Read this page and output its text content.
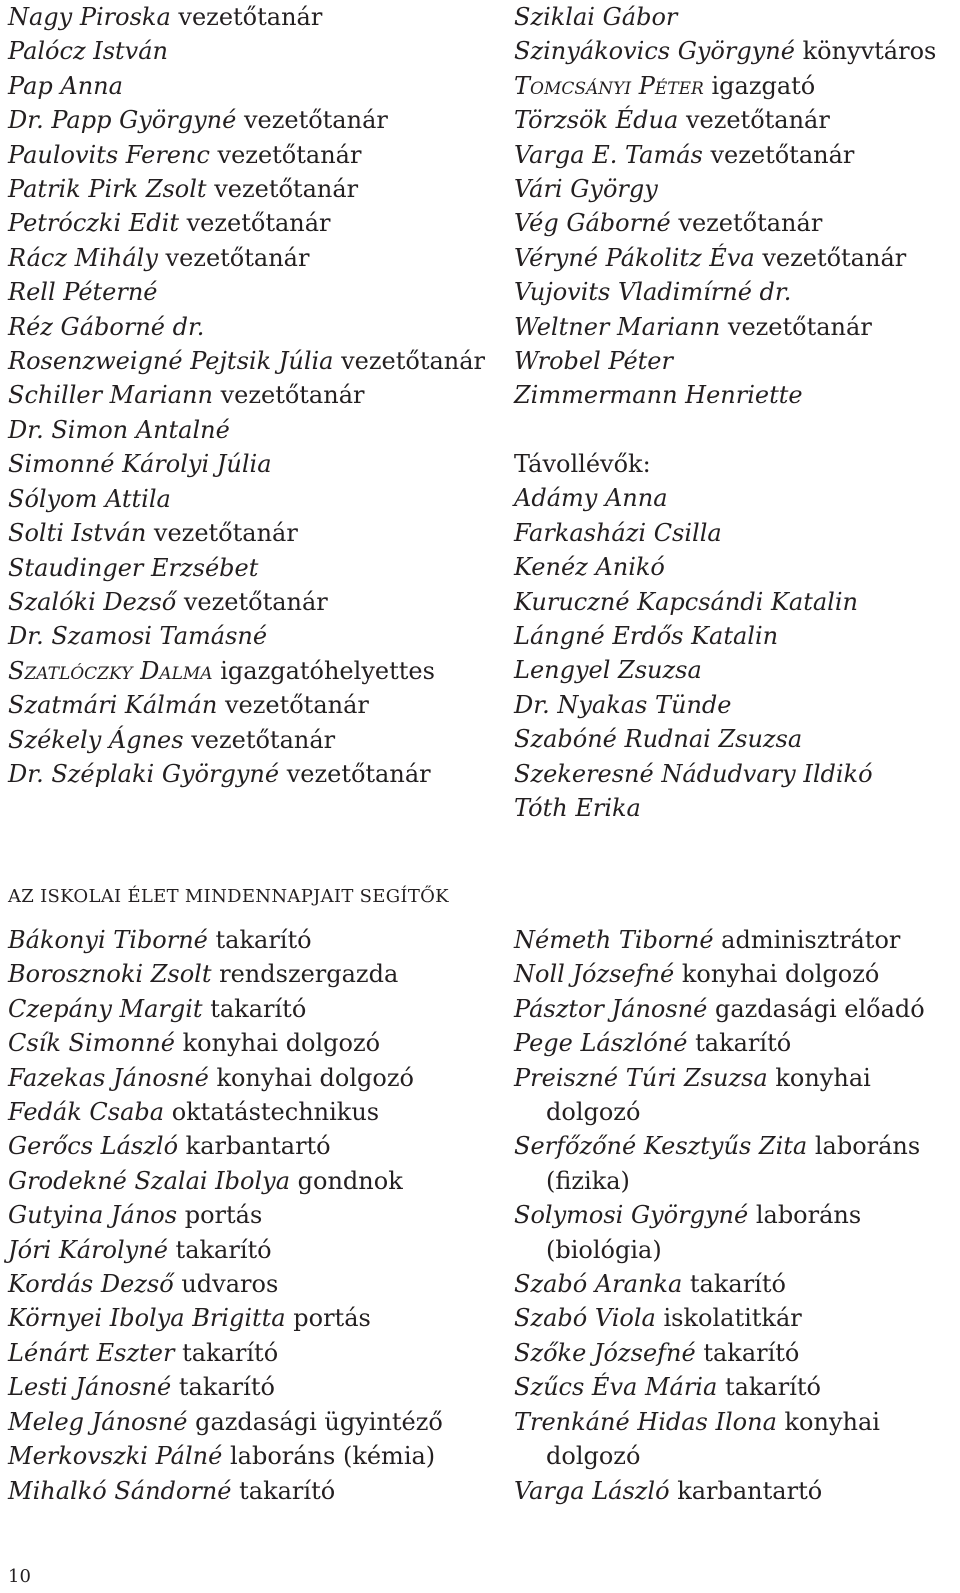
Nagy Piroska vezetőtanár
Palócz István
Pap Anna
Dr. Papp Györgyné vezetőtanár
Paulovits Ferenc vezetőtanár
Patrik Pirk Zsolt vezetőtanár
Petróczki Edit vezetőtanár
Rácz Mihály vezetőtanár
Rell Péterné
Réz Gáborné dr.
Rosenzweigné Pejtsik Júlia vezetőtanár
Schiller Mariann vezetőtanár
Dr. Simon Antalné
Simonné Károlyi Júlia
Sólyom Attila
Solti István vezetőtanár
Staudinger Erzsébet
Szalóki Dezső vezetőtanár
Dr. Szamosi Tamásné
Szatlóczky Dalma igazgatóhelyettes
Szatmári Kálmán vezetőtanár
Székely Ágnes vezetőtanár
Dr. Széplaki Györgyné vezetőtanár
Sziklai Gábor
Szinyákovics Györgyné könyvtáros
Tomcsányi Péter igazgató
Törzsök Édua vezetőtanár
Varga E. Tamás vezetőtanár
Vári György
Vég Gáborné vezetőtanár
Véryné Pákolitz Éva vezetőtanár
Vujovits Vladimírné dr.
Weltner Mariann vezetőtanár
Wrobel Péter
Zimmermann Henriette
Távollévők:
Adámy Anna
Farkasházi Csilla
Kenéz Anikó
Kuruczné Kapcsándi Katalin
Lángné Erdős Katalin
Lengyel Zsuzsa
Dr. Nyakas Tünde
Szabóné Rudnai Zsuzsa
Szekeresné Nádudvary Ildikó
Tóth Erika
AZ ISKOLAI ÉLET MINDENNAPJAIT SEGÍTŐK
Bákonyi Tiborné takarító
Borosznoki Zsolt rendszergazda
Czepány Margit takarító
Csík Simonné konyhai dolgozó
Fazekas Jánosné konyhai dolgozó
Fedák Csaba oktatástechnikus
Gerőcs László karbantartó
Grodekné Szalai Ibolya gondnok
Gutyina János portás
Jóri Károlyné takarító
Kordás Dezső udvaros
Környei Ibolya Brigitta portás
Lénárt Eszter takarító
Lesti Jánosné takarító
Meleg Jánosné gazdasági ügyintéző
Merkovszki Pálné laboráns (kémia)
Mihalkó Sándorné takarító
Németh Tiborné adminisztrátor
Noll Józsefné konyhai dolgozó
Pásztor Jánosné gazdasági előadó
Pege Lászlóné takarító
Preiszné Túri Zsuzsa konyhai dolgozó
Serfőzőné Kesztyűs Zita laboráns (fizika)
Solymosi Györgyné laboráns (biológia)
Szabó Aranka takarító
Szabó Viola iskolatitkár
Szőke Józsefné takarító
Szűcs Éva Mária takarító
Trenkáné Hidas Ilona konyhai dolgozó
Varga László karbantartó
10
